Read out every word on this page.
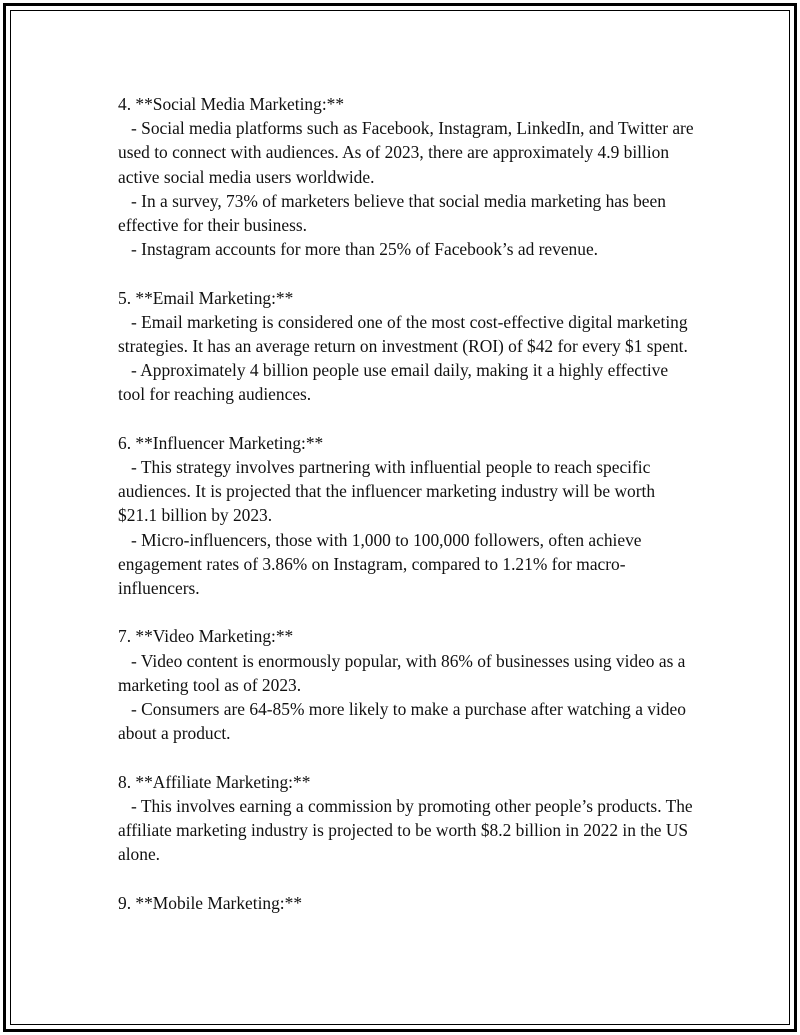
4. **Social Media Marketing:**
- Social media platforms such as Facebook, Instagram, LinkedIn, and Twitter are used to connect with audiences. As of 2023, there are approximately 4.9 billion active social media users worldwide.
- In a survey, 73% of marketers believe that social media marketing has been effective for their business.
- Instagram accounts for more than 25% of Facebook’s ad revenue.
5. **Email Marketing:**
- Email marketing is considered one of the most cost-effective digital marketing strategies. It has an average return on investment (ROI) of $42 for every $1 spent.
- Approximately 4 billion people use email daily, making it a highly effective tool for reaching audiences.
6. **Influencer Marketing:**
- This strategy involves partnering with influential people to reach specific audiences. It is projected that the influencer marketing industry will be worth $21.1 billion by 2023.
- Micro-influencers, those with 1,000 to 100,000 followers, often achieve engagement rates of 3.86% on Instagram, compared to 1.21% for macro-influencers.
7. **Video Marketing:**
- Video content is enormously popular, with 86% of businesses using video as a marketing tool as of 2023.
- Consumers are 64-85% more likely to make a purchase after watching a video about a product.
8. **Affiliate Marketing:**
- This involves earning a commission by promoting other people’s products. The affiliate marketing industry is projected to be worth $8.2 billion in 2022 in the US alone.
9. **Mobile Marketing:**
